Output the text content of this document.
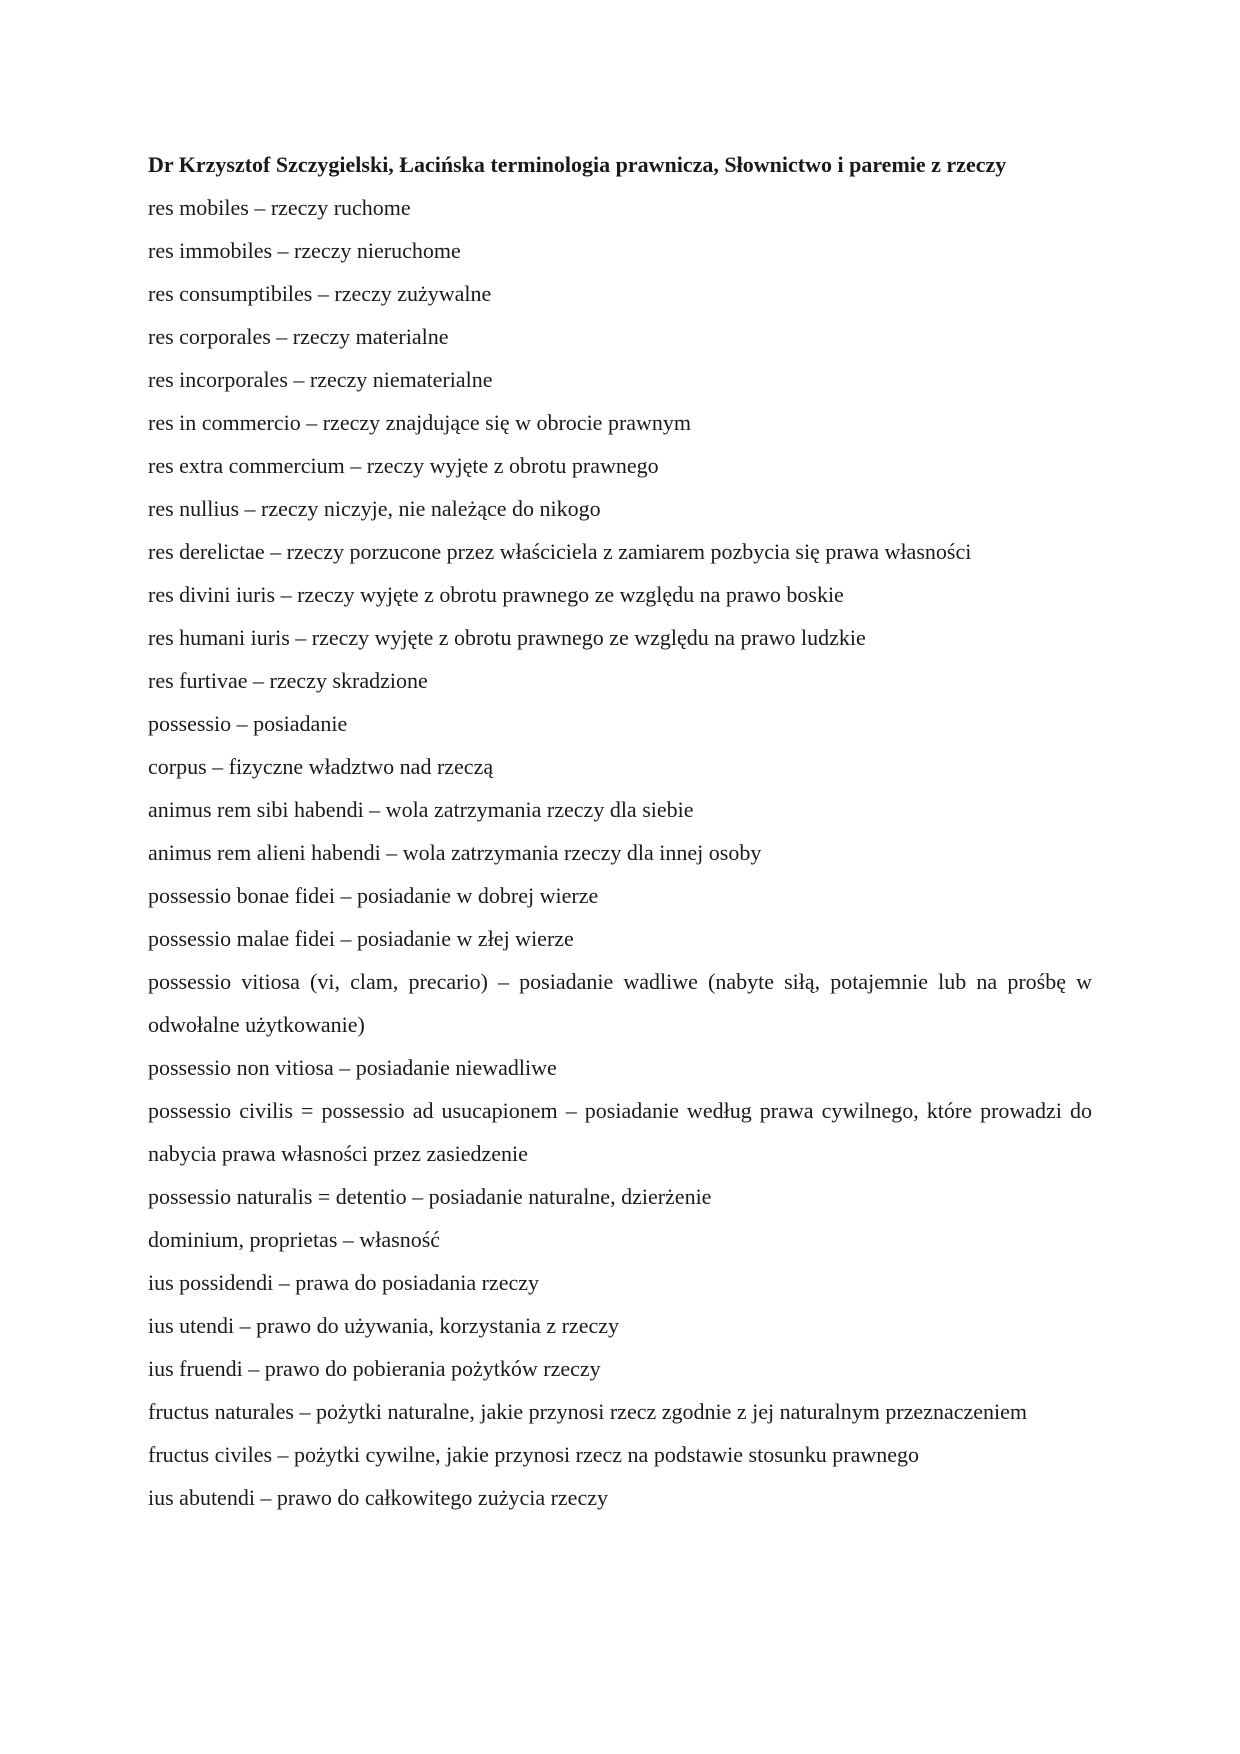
Dr Krzysztof Szczygielski, Łacińska terminologia prawnicza, Słownictwo i paremie z rzeczy

res mobiles – rzeczy ruchome

res immobiles – rzeczy nieruchome

res consumptibiles – rzeczy zużywalne

res corporales – rzeczy materialne

res incorporales – rzeczy niematerialne

res in commercio – rzeczy znajdujące się w obrocie prawnym

res extra commercium – rzeczy wyjęte z obrotu prawnego

res nullius – rzeczy niczyje, nie należące do nikogo

res derelictae – rzeczy porzucone przez właściciela z zamiarem pozbycia się prawa własności

res divini iuris – rzeczy wyjęte z obrotu prawnego ze względu na prawo boskie

res humani iuris – rzeczy wyjęte z obrotu prawnego ze względu na prawo ludzkie

res furtivae – rzeczy skradzione

possessio – posiadanie

corpus – fizyczne władztwo nad rzeczą

animus rem sibi habendi – wola zatrzymania rzeczy dla siebie

animus rem alieni habendi – wola zatrzymania rzeczy dla innej osoby

possessio bonae fidei – posiadanie w dobrej wierze

possessio malae fidei – posiadanie w złej wierze

possessio vitiosa (vi, clam, precario) – posiadanie wadliwe (nabyte siłą, potajemnie lub na prośbę w odwołalne użytkowanie)

possessio non vitiosa – posiadanie niewadliwe

possessio civilis = possessio ad usucapionem – posiadanie według prawa cywilnego, które prowadzi do nabycia prawa własności przez zasiedzenie

possessio naturalis = detentio – posiadanie naturalne, dzierżenie

dominium, proprietas – własność

ius possidendi – prawa do posiadania rzeczy

ius utendi – prawo do używania, korzystania z rzeczy

ius fruendi – prawo do pobierania pożytków rzeczy

fructus naturales – pożytki naturalne, jakie przynosi rzecz zgodnie z jej naturalnym przeznaczeniem

fructus civiles – pożytki cywilne, jakie przynosi rzecz na podstawie stosunku prawnego

ius abutendi – prawo do całkowitego zużycia rzeczy
